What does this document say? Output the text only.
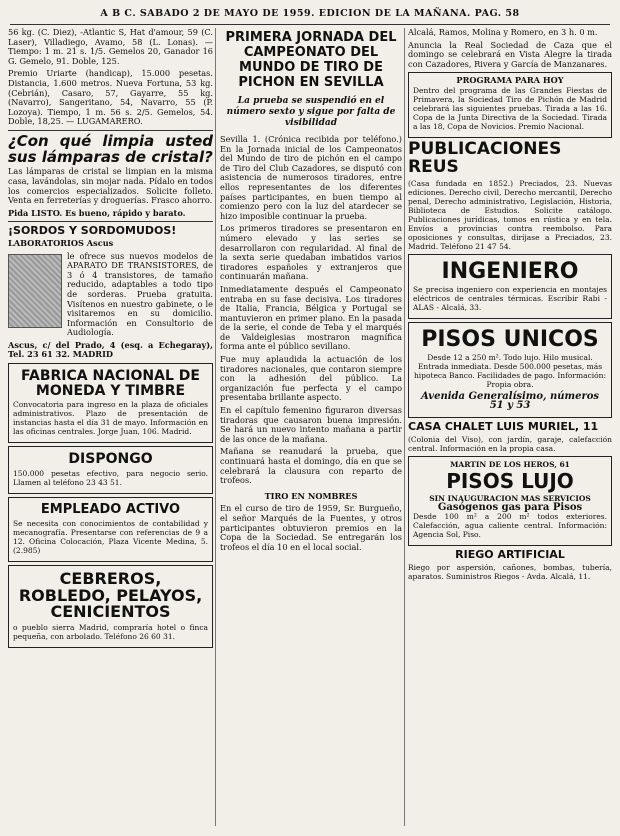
A B C. SABADO 2 DE MAYO DE 1959. EDICION DE LA MAÑANA. PAG. 58

56 kg. (C. Diez), -Atlantic S, Hat d'amour, 59 (C. Laser), Villadiego, Avamo, 58 (L. Lonas). — Tiempo: 1 m. 21 s. 1/5. Gemelos 20, Ganador 16 G. Gemelo, 91. Doble, 125.

Premio Uriarte (handicap), 15.000 pesetas. Distancia, 1.600 metros. Nueva Fortuna, 53 kg. (Cebrián), Casaro, 57, Gayarre, 55 kg. (Navarro), Sangeritano, 54, Navarro, 55 (P. Lozoya). Tiempo, 1 m. 56 s. 2/5. Gemelos, 54. Doble, 18,25. — LUGAMARERO.

¿Con qué limpia usted sus lámparas de cristal?

Las lámparas de cristal se limpian en la misma casa, lavándolas, sin mojar nada. Pídalo en todos los comercios especializados. Solicite folleto. Venta en ferreterías y droguerías. Frasco ahorro.

Pida LISTO. Es bueno, rápido y barato.

¡SORDOS Y SORDOMUDOS!

LABORATORIOS Ascus

le ofrece sus nuevos modelos de APARATO DE TRANSISTORES, de 3 ó 4 transistores, de tamaño reducido, adaptables a todo tipo de sorderas. Prueba gratuita. Visítenos en nuestro gabinete, o le visitaremos en su domicilio. Información en Consultorio de Audiología.

Ascus, c/ del Prado, 4 (esq. a Echegaray), Tel. 23 61 32. MADRID

FABRICA NACIONAL DE MONEDA Y TIMBRE

Convocatoria para ingreso en la plaza de oficiales administrativos. Plazo de presentación de instancias hasta el día 31 de mayo. Información en las oficinas centrales. Jorge Juan, 106. Madrid.

DISPONGO

150.000 pesetas efectivo, para negocio serio. Llamen al teléfono 23 43 51.

EMPLEADO ACTIVO

Se necesita con conocimientos de contabilidad y mecanografía. Presentarse con referencias de 9 a 12. Oficina Colocación, Plaza Vicente Medina, 5. (2.985)

CEBREROS, ROBLEDO, PELAYOS, CENICIENTOS

o pueblo sierra Madrid, compraría hotel o finca pequeña, con arbolado. Teléfono 26 60 31.

PRIMERA JORNADA DEL CAMPEONATO DEL MUNDO DE TIRO DE PICHON EN SEVILLA
La prueba se suspendió en el número sexto y sigue por falta de visibilidad

Sevilla 1. (Crónica recibida por teléfono.) En la Jornada inicial de los Campeonatos del Mundo de tiro de pichón en el campo de Tiro del Club Cazadores, se disputó con asistencia de numerosos tiradores, entre ellos representantes de los diferentes países participantes, en buen tiempo al comienzo pero con la luz del atardecer se hizo imposible continuar la prueba.

Los primeros tiradores se presentaron en número elevado y las series se desarrollaron con regularidad. Al final de la sexta serie quedaban imbatidos varios tiradores españoles y extranjeros que continuarán mañana.

Inmediatamente después el Campeonato entraba en su fase decisiva. Los tiradores de Italia, Francia, Bélgica y Portugal se mantuvieron en primer plano. En la pasada de la serie, el conde de Teba y el marqués de Valdeiglesias mostraron magnífica forma ante el público sevillano.

Fue muy aplaudida la actuación de los tiradores nacionales, que contaron siempre con la adhesión del público. La organización fue perfecta y el campo presentaba brillante aspecto.

En el capítulo femenino figuraron diversas tiradoras que causaron buena impresión. Se hará un nuevo intento mañana a partir de las once de la mañana.

Mañana se reanudará la prueba, que continuará hasta el domingo, día en que se celebrará la clausura con reparto de trofeos.

TIRO EN NOMBRES

En el curso de tiro de 1959, Sr. Burgueño, el señor Marqués de la Fuentes, y otros participantes obtuvieron premios en la Copa de la Sociedad. Se entregarán los trofeos el día 10 en el local social.

Alcalá, Ramos, Molina y Romero, en 3 h. 0 m.

Anuncia la Real Sociedad de Caza que el domingo se celebrará en Vista Alegre la tirada con Cazadores, Rivera y García de Manzanares.

PROGRAMA PARA HOY

Dentro del programa de las Grandes Fiestas de Primavera, la Sociedad Tiro de Pichón de Madrid celebrará las siguientes pruebas. Tirada a las 16. Copa de la Junta Directiva de la Sociedad. Tirada a las 18, Copa de Novicios. Premio Nacional.

PUBLICACIONES REUS

(Casa fundada en 1852.) Preciados, 23. Nuevas ediciones. Derecho civil, Derecho mercantil, Derecho penal, Derecho administrativo, Legislación, Historia, Biblioteca de Estudios. Solicite catálogo. Publicaciones jurídicas, tomos en rústica y en tela. Envíos a provincias contra reembolso. Para oposiciones y consultas, diríjase a Preciados, 23. Madrid. Teléfono 21 47 54.

INGENIERO

Se precisa ingeniero con experiencia en montajes eléctricos de centrales térmicas. Escribir Rabi - ALAS - Alcalá, 33.

PISOS UNICOS

Desde 12 a 250 m². Todo lujo. Hilo musical. Entrada inmediata. Desde 500.000 pesetas, más hipoteca Banco. Facilidades de pago. Información: Propia obra.

Avenida Generalísimo, números 51 y 53

CASA CHALET LUIS MURIEL, 11

(Colonia del Viso), con jardín, garaje, calefacción central. Información en la propia casa.

MARTIN DE LOS HEROS, 61
PISOS LUJO
SIN INAUGURACION MAS SERVICIOS
Gasógenos gas para Pisos

Desde 100 m² a 200 m² todos exteriores. Calefacción, agua caliente central. Información: Agencia Sol, Piso.

RIEGO ARTIFICIAL

Riego por aspersión, cañones, bombas, tubería, aparatos. Suministros Riegos - Avda. Alcalá, 11.
